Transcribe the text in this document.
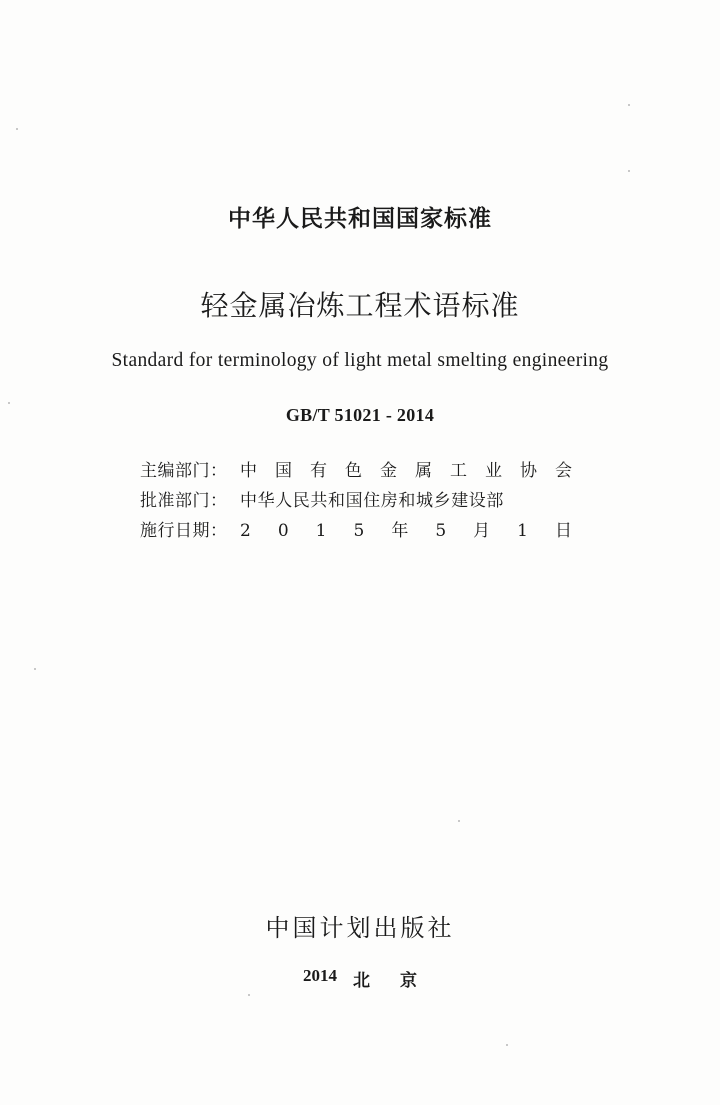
中华人民共和国国家标准
轻金属冶炼工程术语标准
Standard for terminology of light metal smelting engineering
GB/T 51021 - 2014
主编部门： 中 国 有 色 金 属 工 业 协 会
批准部门： 中华人民共和国住房和城乡建设部
施行日期： 2 0 1 5 年 5 月 1 日
中国计划出版社
2014 北 京
